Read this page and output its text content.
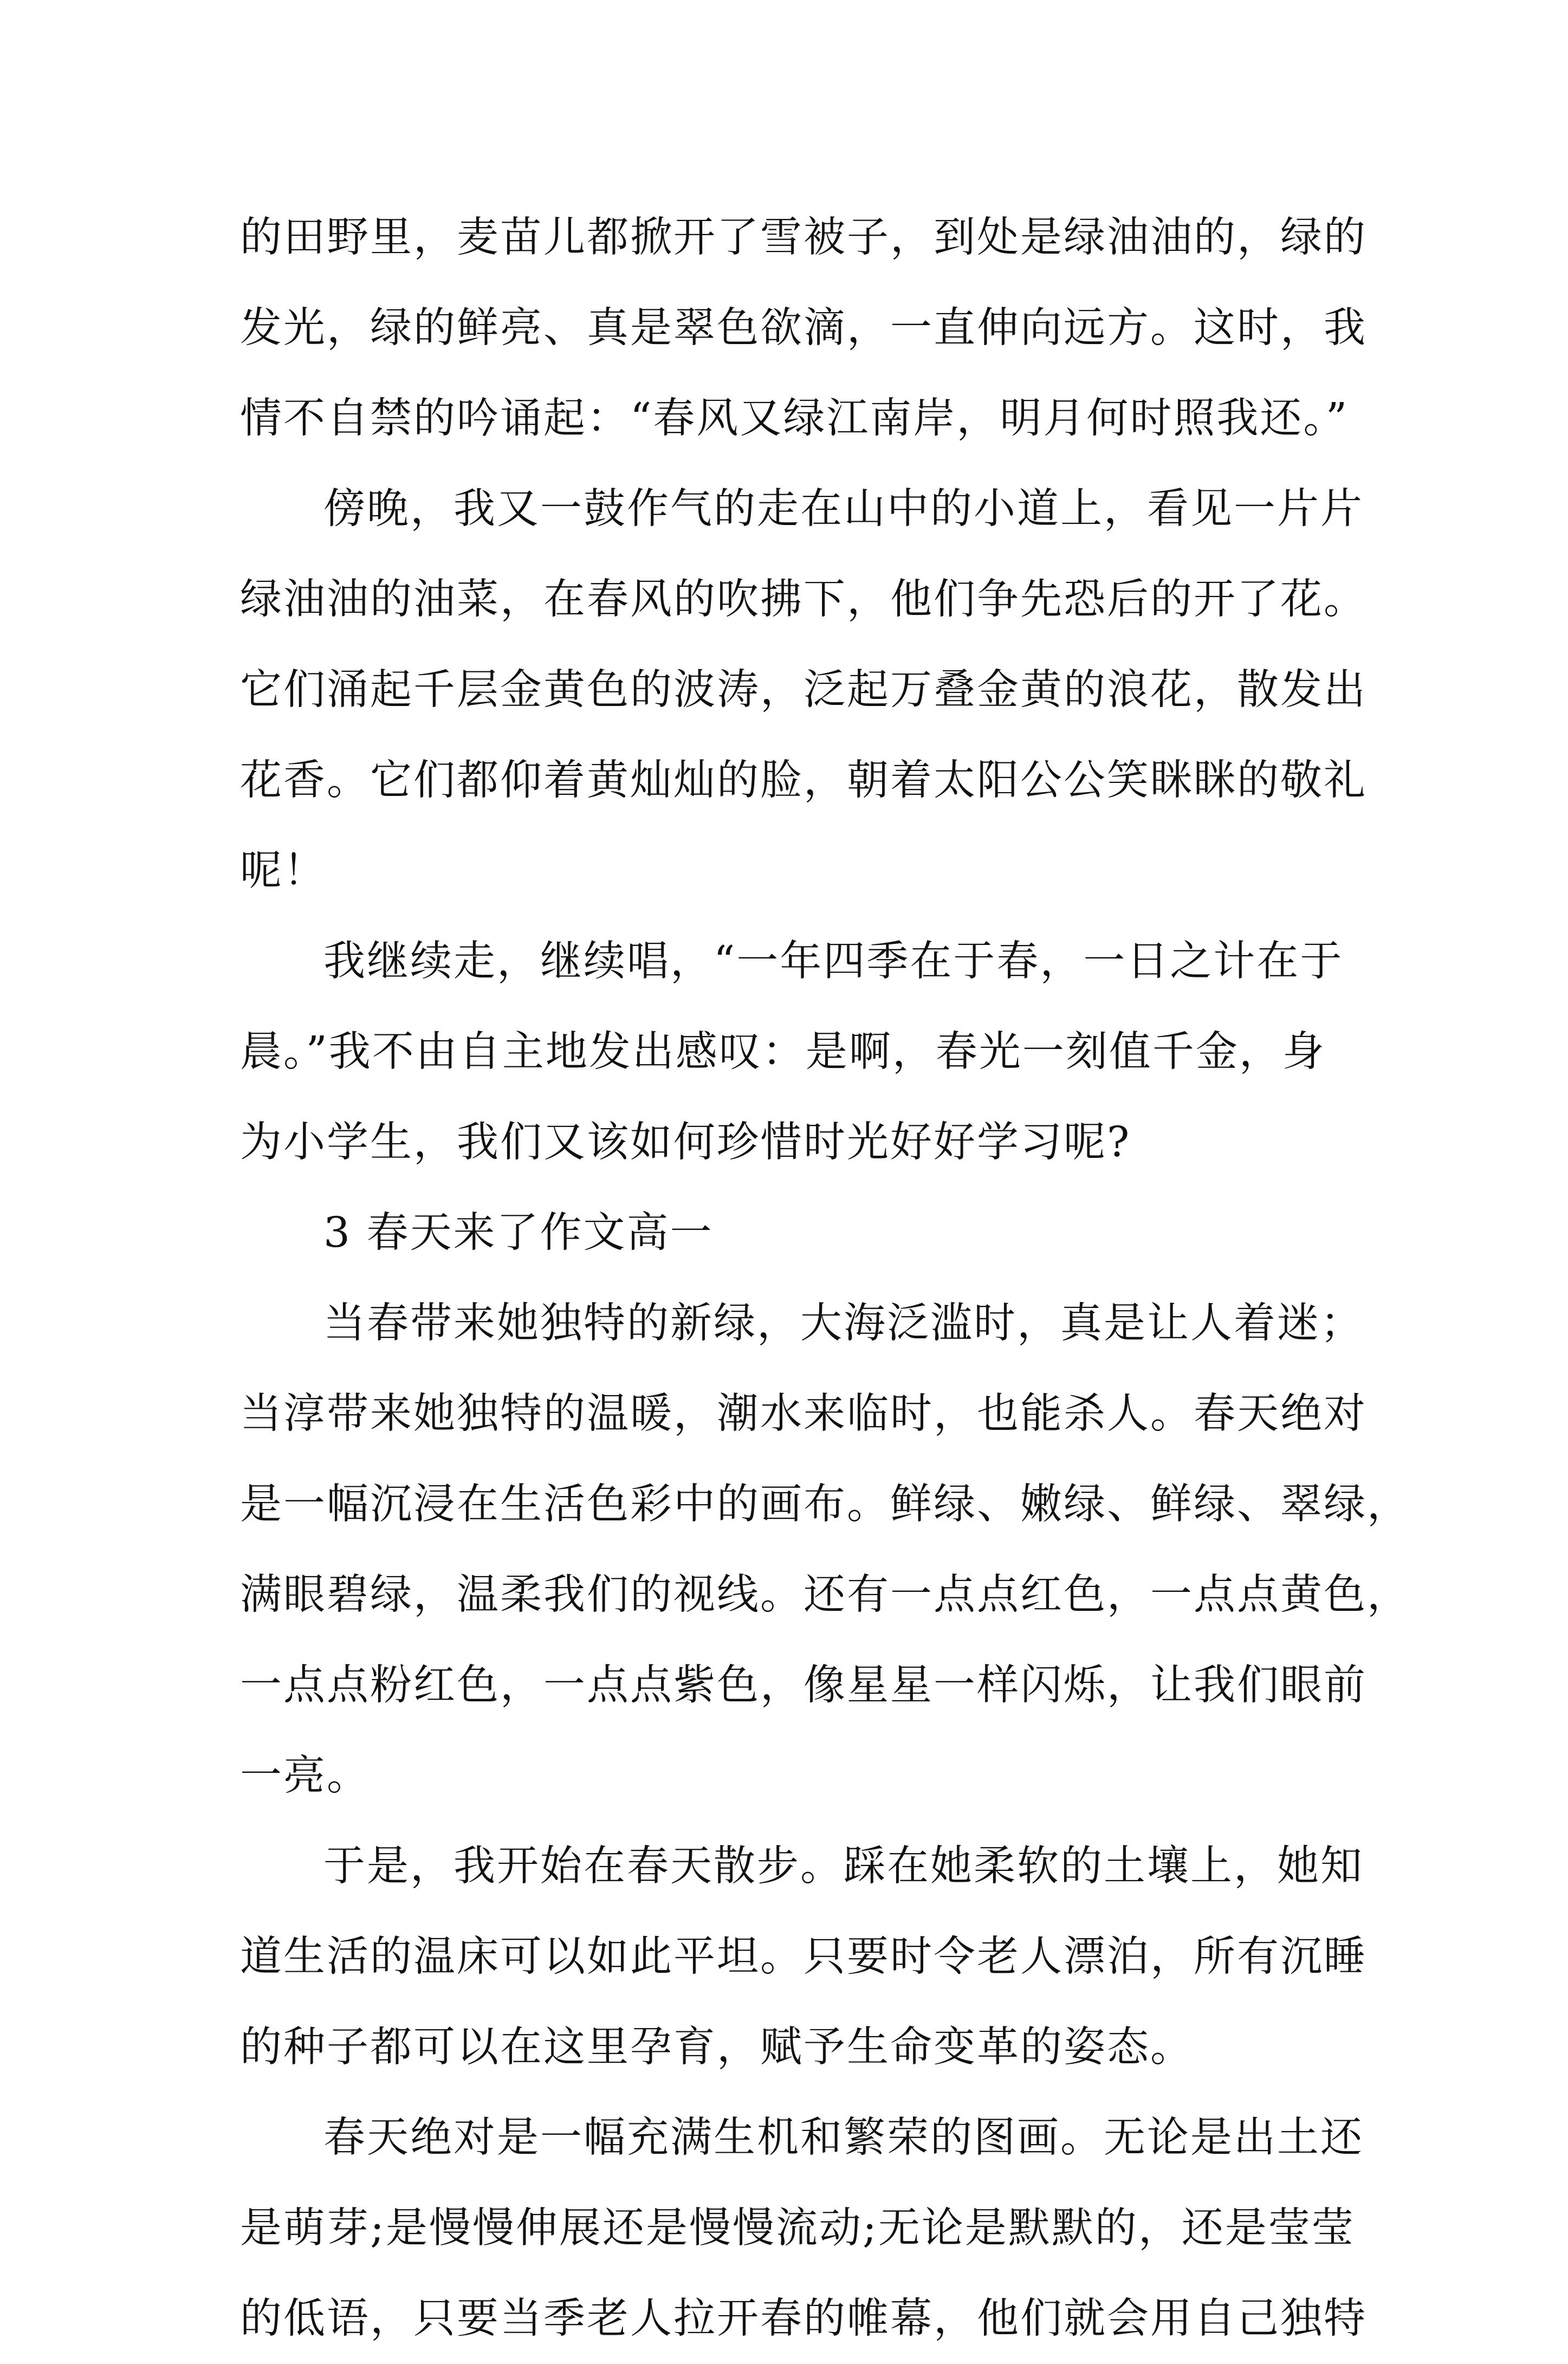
的田野里，麦苗儿都掀开了雪被子，到处是绿油油的，绿的
发光，绿的鲜亮、真是翠色欲滴，一直伸向远方。这时，我
情不自禁的吟诵起：“春风又绿江南岸，明月何时照我还。”
傍晚，我又一鼓作气的走在山中的小道上，看见一片片
绿油油的油菜，在春风的吹拂下，他们争先恐后的开了花。
它们涌起千层金黄色的波涛，泛起万叠金黄的浪花，散发出
花香。它们都仰着黄灿灿的脸，朝着太阳公公笑眯眯的敬礼
呢！
我继续走，继续唱，“一年四季在于春，一日之计在于
晨。”我不由自主地发出感叹：是啊，春光一刻值千金，身
为小学生，我们又该如何珍惜时光好好学习呢?
3 春天来了作文高一
当春带来她独特的新绿，大海泛滥时，真是让人着迷；
当淳带来她独特的温暖，潮水来临时，也能杀人。春天绝对
是一幅沉浸在生活色彩中的画布。鲜绿、嫩绿、鲜绿、翠绿，
满眼碧绿，温柔我们的视线。还有一点点红色，一点点黄色，
一点点粉红色，一点点紫色，像星星一样闪烁，让我们眼前
一亮。
于是，我开始在春天散步。踩在她柔软的土壤上，她知
道生活的温床可以如此平坦。只要时令老人漂泊，所有沉睡
的种子都可以在这里孕育，赋予生命变革的姿态。
春天绝对是一幅充满生机和繁荣的图画。无论是出土还
是萌芽;是慢慢伸展还是慢慢流动;无论是默默的，还是莹莹
的低语，只要当季老人拉开春的帷幕，他们就会用自己独特
